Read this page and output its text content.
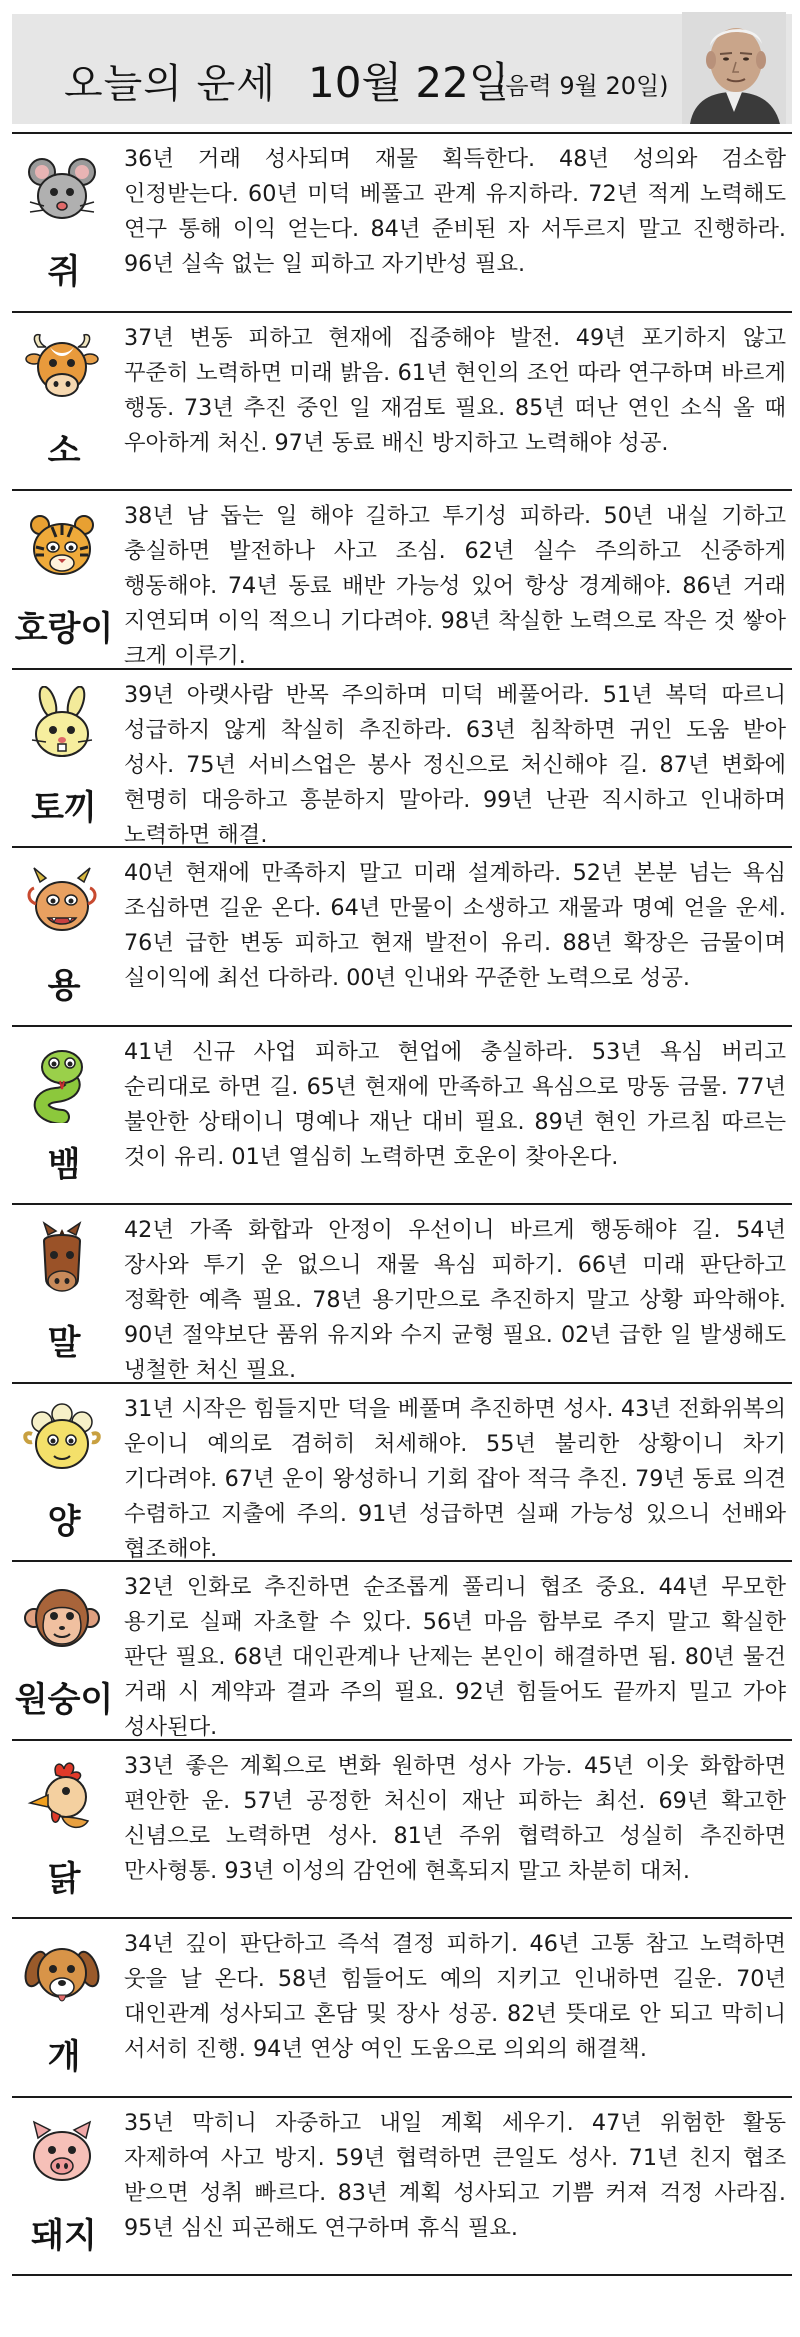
오늘의 운세 10월 22일
(음력 9월 20일)
쥐

36년 거래 성사되며 재물 획득한다. 48년 성의와 검소함 인정받는다. 60년 미덕 베풀고 관계 유지하라. 72년 적게 노력해도 연구 통해 이익 얻는다. 84년 준비된 자 서두르지 말고 진행하라. 96년 실속 없는 일 피하고 자기반성 필요.

소

37년 변동 피하고 현재에 집중해야 발전. 49년 포기하지 않고 꾸준히 노력하면 미래 밝음. 61년 현인의 조언 따라 연구하며 바르게 행동. 73년 추진 중인 일 재검토 필요. 85년 떠난 연인 소식 올 때 우아하게 처신. 97년 동료 배신 방지하고 노력해야 성공.

호랑이

38년 남 돕는 일 해야 길하고 투기성 피하라. 50년 내실 기하고 충실하면 발전하나 사고 조심. 62년 실수 주의하고 신중하게 행동해야. 74년 동료 배반 가능성 있어 항상 경계해야. 86년 거래 지연되며 이익 적으니 기다려야. 98년 착실한 노력으로 작은 것 쌓아 크게 이루기.

토끼

39년 아랫사람 반목 주의하며 미덕 베풀어라. 51년 복덕 따르니 성급하지 않게 착실히 추진하라. 63년 침착하면 귀인 도움 받아 성사. 75년 서비스업은 봉사 정신으로 처신해야 길. 87년 변화에 현명히 대응하고 흥분하지 말아라. 99년 난관 직시하고 인내하며 노력하면 해결.

용

40년 현재에 만족하지 말고 미래 설계하라. 52년 본분 넘는 욕심 조심하면 길운 온다. 64년 만물이 소생하고 재물과 명예 얻을 운세. 76년 급한 변동 피하고 현재 발전이 유리. 88년 확장은 금물이며 실이익에 최선 다하라. 00년 인내와 꾸준한 노력으로 성공.

뱀

41년 신규 사업 피하고 현업에 충실하라. 53년 욕심 버리고 순리대로 하면 길. 65년 현재에 만족하고 욕심으로 망동 금물. 77년 불안한 상태이니 명예나 재난 대비 필요. 89년 현인 가르침 따르는 것이 유리. 01년 열심히 노력하면 호운이 찾아온다.

말

42년 가족 화합과 안정이 우선이니 바르게 행동해야 길. 54년 장사와 투기 운 없으니 재물 욕심 피하기. 66년 미래 판단하고 정확한 예측 필요. 78년 용기만으로 추진하지 말고 상황 파악해야. 90년 절약보단 품위 유지와 수지 균형 필요. 02년 급한 일 발생해도 냉철한 처신 필요.

양

31년 시작은 힘들지만 덕을 베풀며 추진하면 성사. 43년 전화위복의 운이니 예의로 겸허히 처세해야. 55년 불리한 상황이니 차기 기다려야. 67년 운이 왕성하니 기회 잡아 적극 추진. 79년 동료 의견 수렴하고 지출에 주의. 91년 성급하면 실패 가능성 있으니 선배와 협조해야.

원숭이

32년 인화로 추진하면 순조롭게 풀리니 협조 중요. 44년 무모한 용기로 실패 자초할 수 있다. 56년 마음 함부로 주지 말고 확실한 판단 필요. 68년 대인관계나 난제는 본인이 해결하면 됨. 80년 물건 거래 시 계약과 결과 주의 필요. 92년 힘들어도 끝까지 밀고 가야 성사된다.

닭

33년 좋은 계획으로 변화 원하면 성사 가능. 45년 이웃 화합하면 편안한 운. 57년 공정한 처신이 재난 피하는 최선. 69년 확고한 신념으로 노력하면 성사. 81년 주위 협력하고 성실히 추진하면 만사형통. 93년 이성의 감언에 현혹되지 말고 차분히 대처.

개

34년 깊이 판단하고 즉석 결정 피하기. 46년 고통 참고 노력하면 웃을 날 온다. 58년 힘들어도 예의 지키고 인내하면 길운. 70년 대인관계 성사되고 혼담 및 장사 성공. 82년 뜻대로 안 되고 막히니 서서히 진행. 94년 연상 여인 도움으로 의외의 해결책.

돼지

35년 막히니 자중하고 내일 계획 세우기. 47년 위험한 활동 자제하여 사고 방지. 59년 협력하면 큰일도 성사. 71년 친지 협조 받으면 성취 빠르다. 83년 계획 성사되고 기쁨 커져 걱정 사라짐. 95년 심신 피곤해도 연구하며 휴식 필요.
